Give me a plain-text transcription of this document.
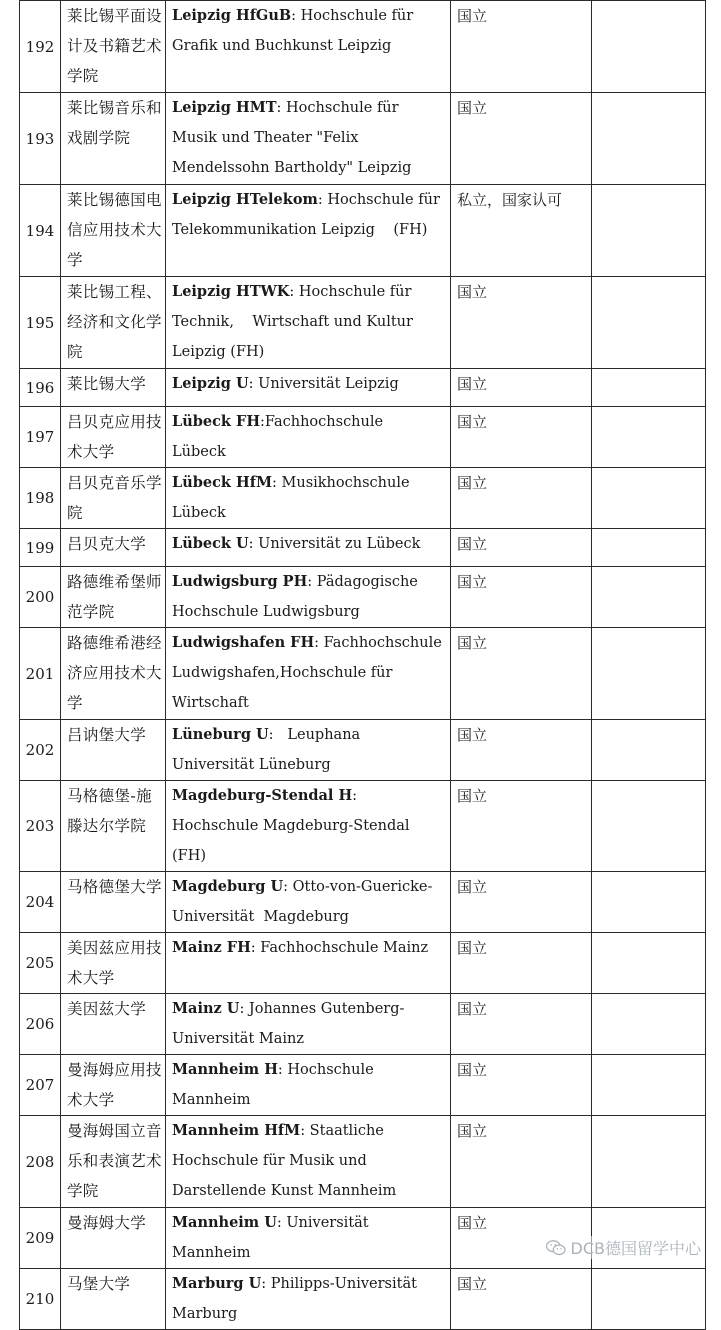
192	莱比锡平面设计及书籍艺术学院	Leipzig HfGuB: Hochschule für Grafik und Buchkunst Leipzig	国立	
193	莱比锡音乐和戏剧学院	Leipzig HMT: Hochschule für Musik und Theater "Felix Mendelssohn Bartholdy" Leipzig	国立	
194	莱比锡德国电信应用技术大学	Leipzig HTelekom: Hochschule für Telekommunikation Leipzig    (FH)	私立，国家认可	
195	莱比锡工程、经济和文化学院	Leipzig HTWK: Hochschule für Technik,    Wirtschaft und Kultur Leipzig (FH)	国立	
196	莱比锡大学	Leipzig U: Universität Leipzig	国立	
197	吕贝克应用技术大学	Lübeck FH:Fachhochschule   Lübeck	国立	
198	吕贝克音乐学院	Lübeck HfM: Musikhochschule Lübeck	国立	
199	吕贝克大学	Lübeck U: Universität zu Lübeck	国立	
200	路德维希堡师范学院	Ludwigsburg PH: Pädagogische Hochschule Ludwigsburg	国立	
201	路德维希港经济应用技术大学	Ludwigshafen FH: Fachhochschule Ludwigshafen,Hochschule für Wirtschaft	国立	
202	吕讷堡大学	Lüneburg U:   Leuphana Universität Lüneburg	国立	
203	马格德堡-施滕达尔学院	Magdeburg-Stendal H: Hochschule Magdeburg-Stendal (FH)	国立	
204	马格德堡大学	Magdeburg U: Otto-von-Guericke-Universität  Magdeburg	国立	
205	美因兹应用技术大学	Mainz FH: Fachhochschule Mainz	国立	
206	美因兹大学	Mainz U: Johannes Gutenberg-Universität Mainz	国立	
207	曼海姆应用技术大学	Mannheim H: Hochschule Mannheim	国立	
208	曼海姆国立音乐和表演艺术学院	Mannheim HfM: Staatliche Hochschule für Musik und Darstellende Kunst Mannheim	国立	
209	曼海姆大学	Mannheim U: Universität Mannheim	国立	
210	马堡大学	Marburg U: Philipps-Universität Marburg	国立	
DCB德国留学中心
